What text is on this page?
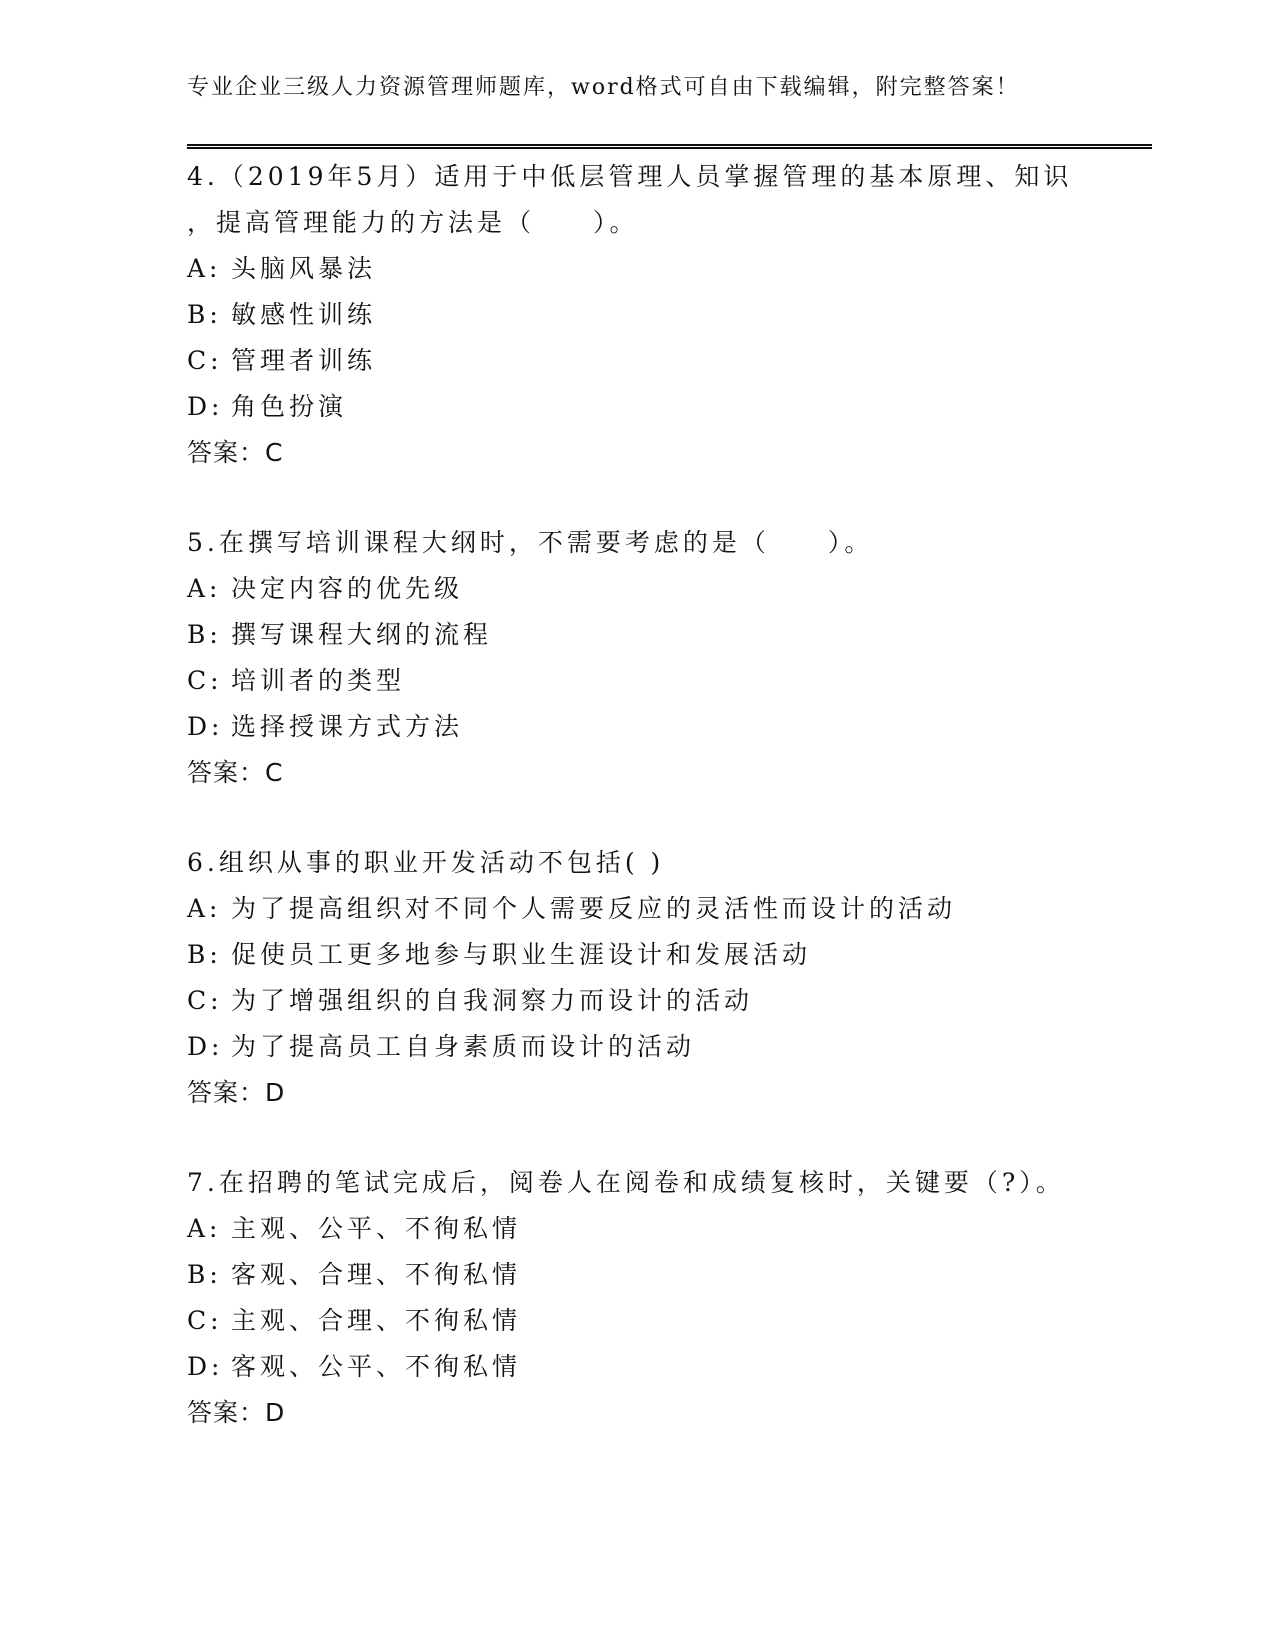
专业企业三级人力资源管理师题库，word格式可自由下载编辑，附完整答案！

4.（2019年5月）适用于中低层管理人员掌握管理的基本原理、知识

，提高管理能力的方法是（　　）。

A: 头脑风暴法

B: 敏感性训练

C: 管理者训练

D: 角色扮演

答案：C

5.在撰写培训课程大纲时，不需要考虑的是（　　）。

A: 决定内容的优先级

B: 撰写课程大纲的流程

C: 培训者的类型

D: 选择授课方式方法

答案：C

6.组织从事的职业开发活动不包括( )

A: 为了提高组织对不同个人需要反应的灵活性而设计的活动

B: 促使员工更多地参与职业生涯设计和发展活动

C: 为了增强组织的自我洞察力而设计的活动

D: 为了提高员工自身素质而设计的活动

答案：D

7.在招聘的笔试完成后，阅卷人在阅卷和成绩复核时，关键要（?）。

A: 主观、公平、不徇私情

B: 客观、合理、不徇私情

C: 主观、合理、不徇私情

D: 客观、公平、不徇私情

答案：D
